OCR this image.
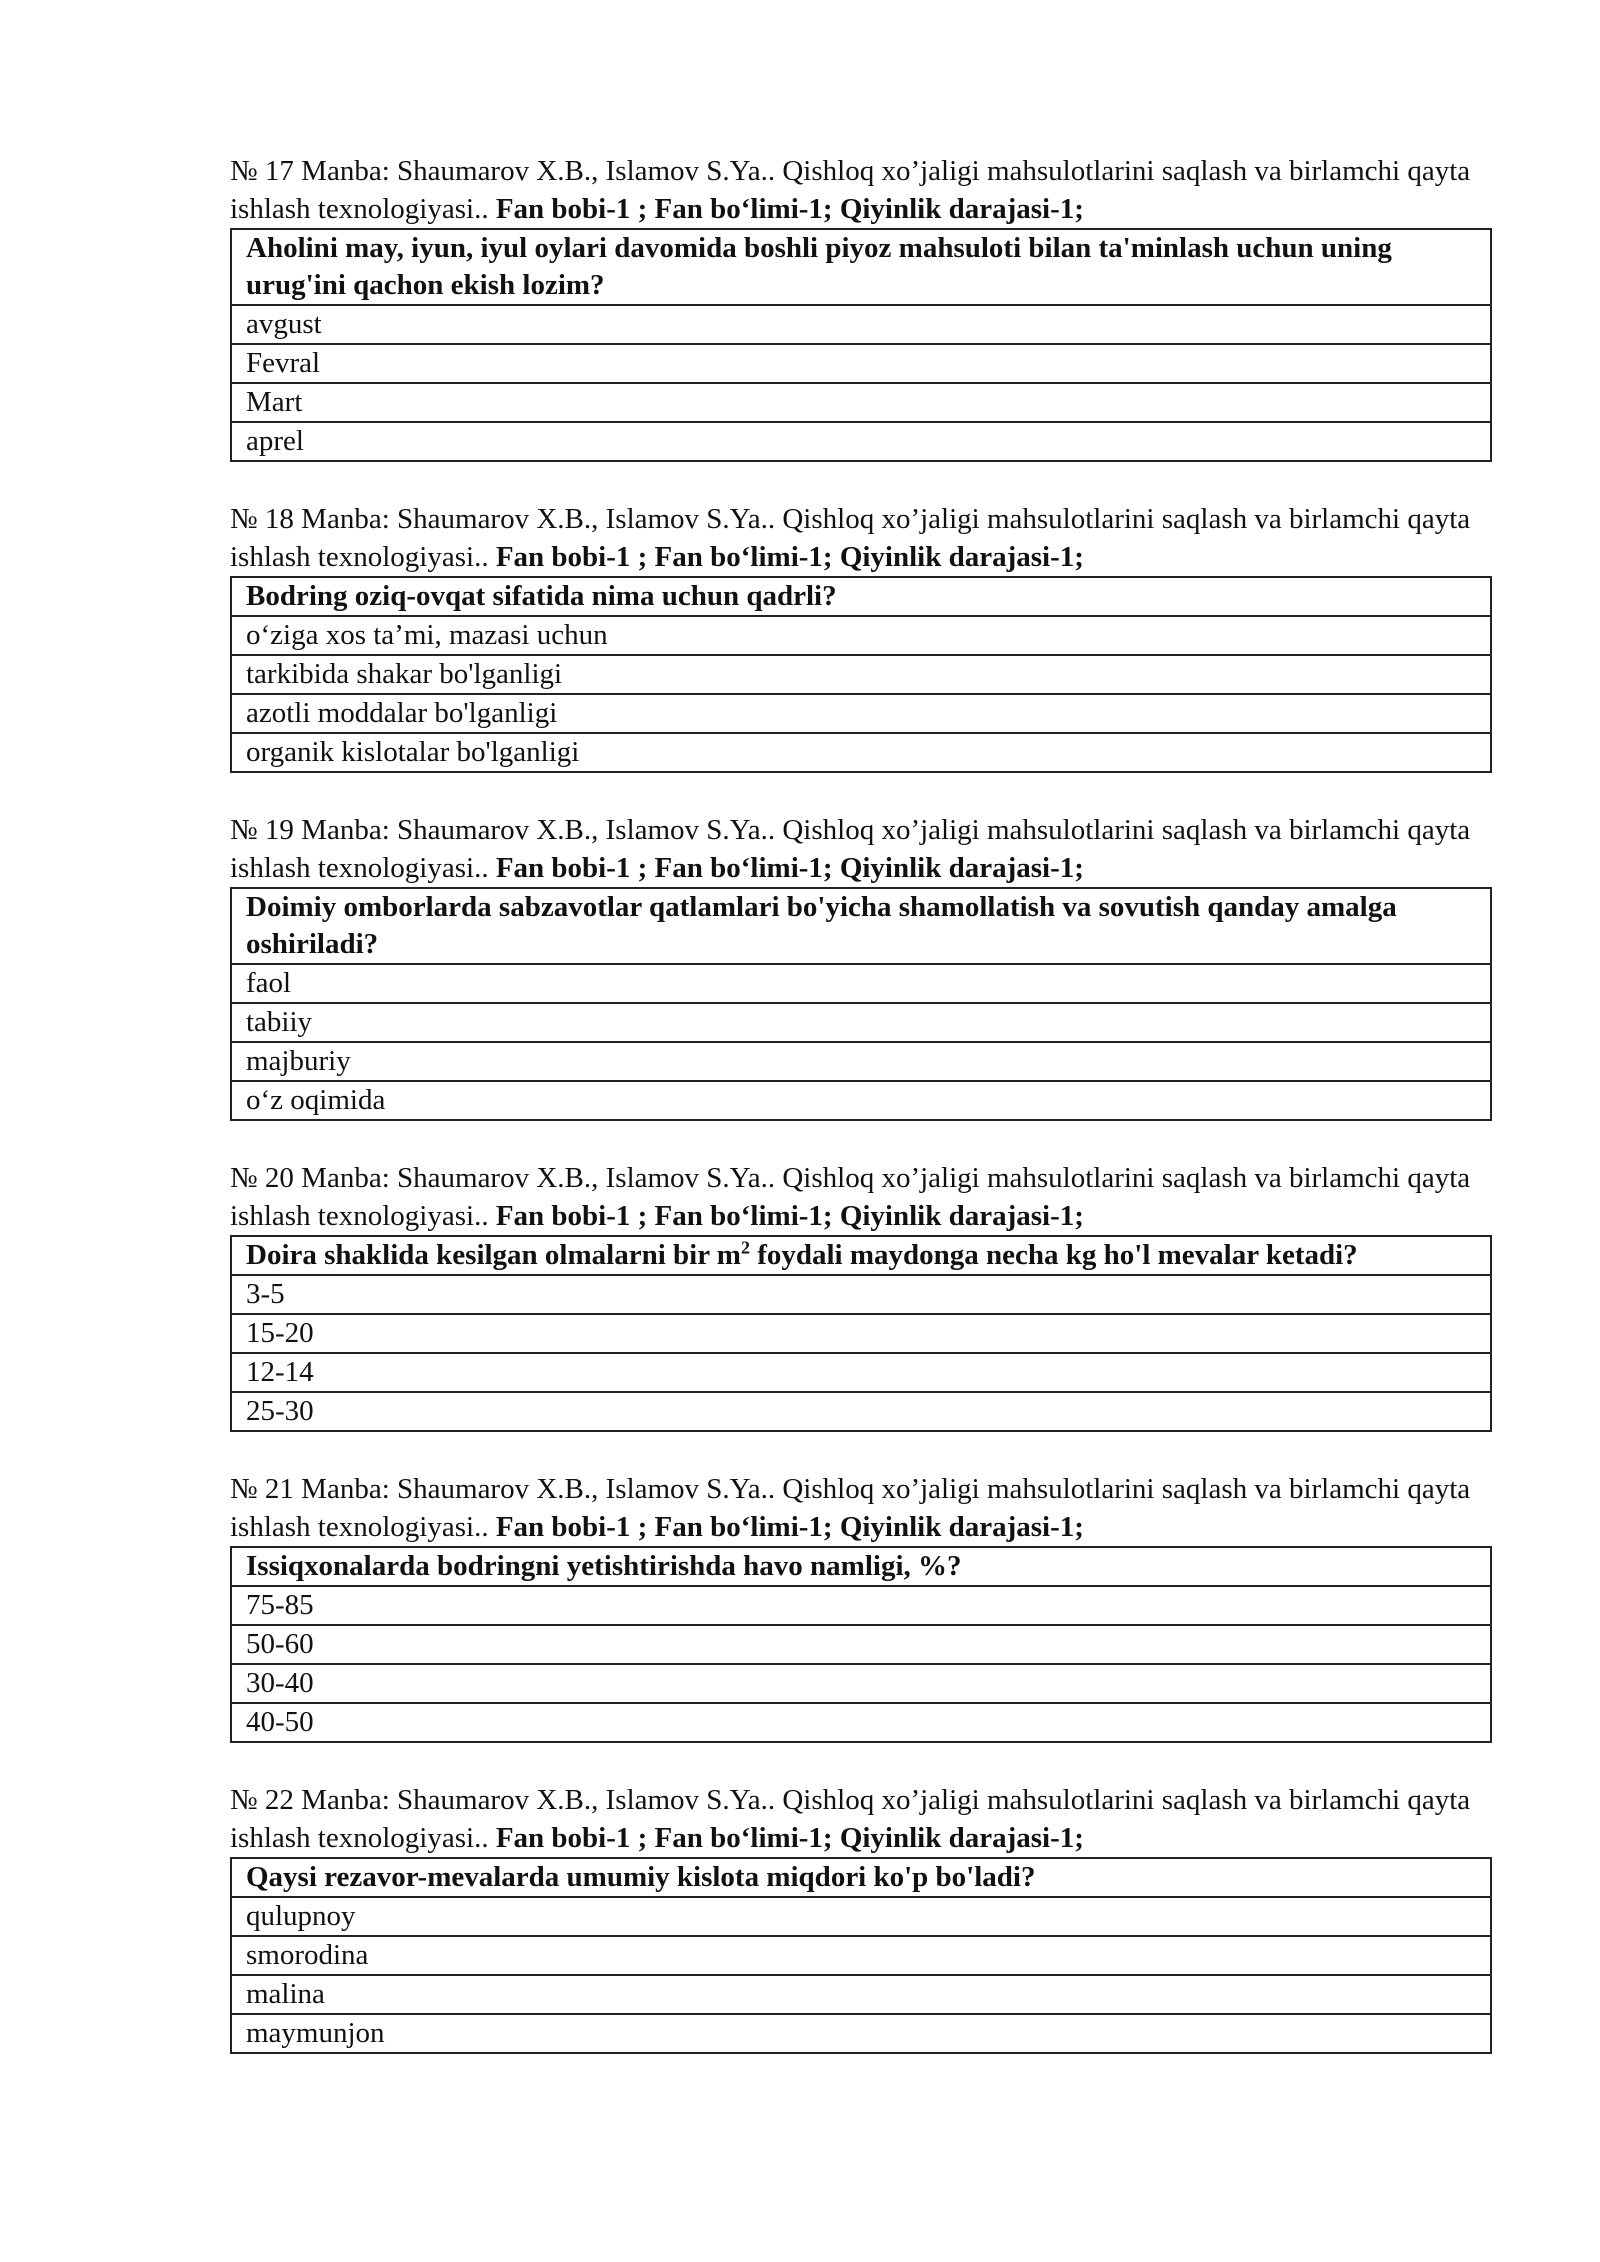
№ 17 Manba: Shaumarov X.B., Islamov S.Ya.. Qishloq xo’jaligi mahsulotlarini saqlash va birlamchi qayta ishlash texnologiyasi.. Fan bobi-1 ; Fan bo‘limi-1; Qiyinlik darajasi-1;

Aholini may, iyun, iyul oylari davomida boshli piyoz mahsuloti bilan ta'minlash uchun uning urug'ini qachon ekish lozim?
avgust
Fevral
Mart
aprel

№ 18 Manba: Shaumarov X.B., Islamov S.Ya.. Qishloq xo’jaligi mahsulotlarini saqlash va birlamchi qayta ishlash texnologiyasi.. Fan bobi-1 ; Fan bo‘limi-1; Qiyinlik darajasi-1;

Bodring oziq-ovqat sifatida nima uchun qadrli?
o‘ziga xos ta’mi, mazasi uchun
tarkibida shakar bo'lganligi
azotli moddalar bo'lganligi
organik kislotalar bo'lganligi

№ 19 Manba: Shaumarov X.B., Islamov S.Ya.. Qishloq xo’jaligi mahsulotlarini saqlash va birlamchi qayta ishlash texnologiyasi.. Fan bobi-1 ; Fan bo‘limi-1; Qiyinlik darajasi-1;

Doimiy omborlarda sabzavotlar qatlamlari bo'yicha shamollatish va sovutish qanday amalga oshiriladi?
faol
tabiiy
majburiy
o‘z oqimida

№ 20 Manba: Shaumarov X.B., Islamov S.Ya.. Qishloq xo’jaligi mahsulotlarini saqlash va birlamchi qayta ishlash texnologiyasi.. Fan bobi-1 ; Fan bo‘limi-1; Qiyinlik darajasi-1;

Doira shaklida kesilgan olmalarni bir $m^2$ foydali maydonga necha kg ho'l mevalar ketadi?
3-5
15-20
12-14
25-30

№ 21 Manba: Shaumarov X.B., Islamov S.Ya.. Qishloq xo’jaligi mahsulotlarini saqlash va birlamchi qayta ishlash texnologiyasi.. Fan bobi-1 ; Fan bo‘limi-1; Qiyinlik darajasi-1;

Issiqxonalarda bodringni yetishtirishda havo namligi, %?
75-85
50-60
30-40
40-50

№ 22 Manba: Shaumarov X.B., Islamov S.Ya.. Qishloq xo’jaligi mahsulotlarini saqlash va birlamchi qayta ishlash texnologiyasi.. Fan bobi-1 ; Fan bo‘limi-1; Qiyinlik darajasi-1;

Qaysi rezavor-mevalarda umumiy kislota miqdori ko'p bo'ladi?
qulupnoy
smorodina
malina
maymunjon
